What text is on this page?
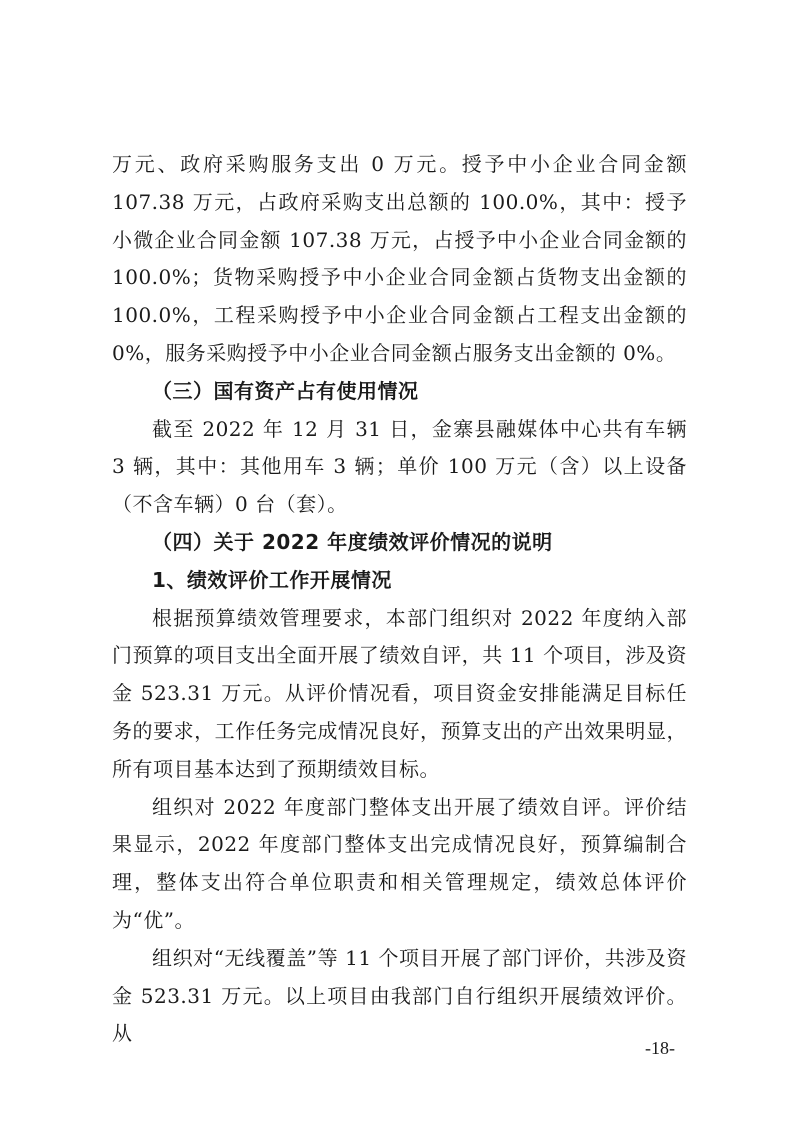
万元、政府采购服务支出 0 万元。授予中小企业合同金额 107.38 万元，占政府采购支出总额的 100.0%，其中：授予小微企业合同金额 107.38 万元，占授予中小企业合同金额的 100.0%；货物采购授予中小企业合同金额占货物支出金额的 100.0%，工程采购授予中小企业合同金额占工程支出金额的 0%，服务采购授予中小企业合同金额占服务支出金额的 0%。

（三）国有资产占有使用情况

截至 2022 年 12 月 31 日，金寨县融媒体中心共有车辆 3 辆，其中：其他用车 3 辆；单价 100 万元（含）以上设备（不含车辆）0 台（套）。

（四）关于 2022 年度绩效评价情况的说明
1、绩效评价工作开展情况

根据预算绩效管理要求，本部门组织对 2022 年度纳入部门预算的项目支出全面开展了绩效自评，共 11 个项目，涉及资金 523.31 万元。从评价情况看，项目资金安排能满足目标任务的要求，工作任务完成情况良好，预算支出的产出效果明显，所有项目基本达到了预期绩效目标。

组织对 2022 年度部门整体支出开展了绩效自评。评价结果显示，2022 年度部门整体支出完成情况良好，预算编制合理，整体支出符合单位职责和相关管理规定，绩效总体评价为“优”。

组织对“无线覆盖”等 11 个项目开展了部门评价，共涉及资金 523.31 万元。以上项目由我部门自行组织开展绩效评价。从

-18-
